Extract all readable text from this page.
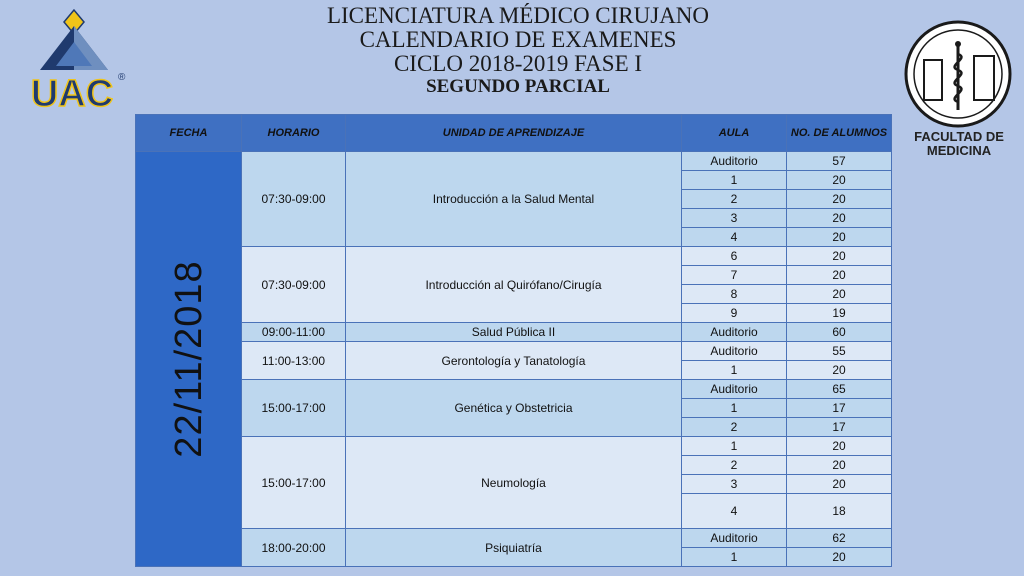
UAC ®
LICENCIATURA MÉDICO CIRUJANO
CALENDARIO DE EXAMENES
CICLO 2018-2019 FASE I
SEGUNDO PARCIAL
FACULTAD DE
MEDICINA
FECHA	HORARIO	UNIDAD DE APRENDIZAJE	AULA	NO. DE ALUMNOS

22/11/2018	07:30-09:00	Introducción a la Salud Mental	Auditorio	57
			1	20
			2	20
			3	20
			4	20
	07:30-09:00	Introducción al Quirófano/Cirugía	6	20
			7	20
			8	20
			9	19
	09:00-11:00	Salud Pública II	Auditorio	60
	11:00-13:00	Gerontología y Tanatología	Auditorio	55
			1	20
	15:00-17:00	Genética y Obstetricia	Auditorio	65
			1	17
			2	17
	15:00-17:00	Neumología	1	20
			2	20
			3	20
			4	18
	18:00-20:00	Psiquiatría	Auditorio	62
			1	20
